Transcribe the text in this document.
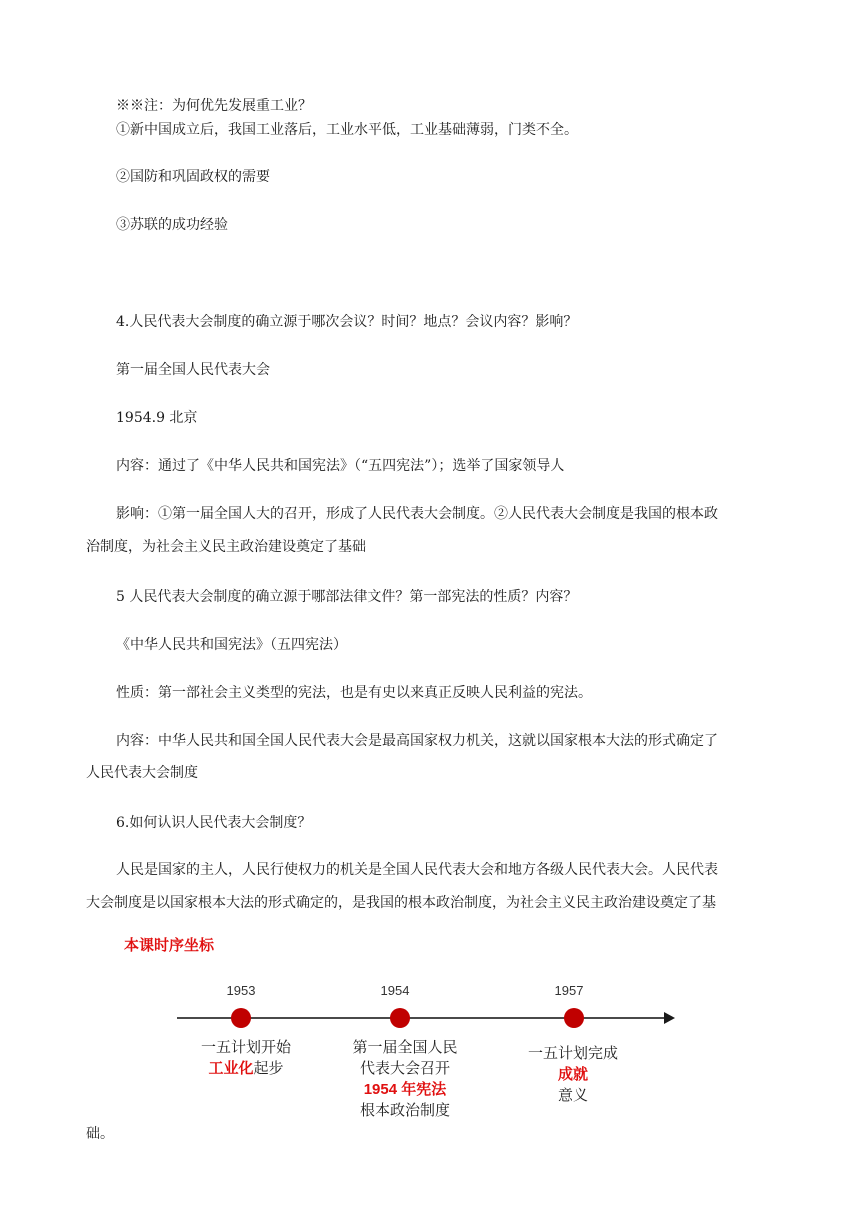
※※注：为何优先发展重工业？
①新中国成立后，我国工业落后，工业水平低，工业基础薄弱，门类不全。
②国防和巩固政权的需要
③苏联的成功经验
4.人民代表大会制度的确立源于哪次会议？时间？地点？会议内容？影响？
第一届全国人民代表大会
1954.9 北京
内容：通过了《中华人民共和国宪法》（“五四宪法”）；选举了国家领导人
影响：①第一届全国人大的召开，形成了人民代表大会制度。②人民代表大会制度是我国的根本政
治制度，为社会主义民主政治建设奠定了基础
5 人民代表大会制度的确立源于哪部法律文件？第一部宪法的性质？内容？
《中华人民共和国宪法》（五四宪法）
性质：第一部社会主义类型的宪法，也是有史以来真正反映人民利益的宪法。
内容：中华人民共和国全国人民代表大会是最高国家权力机关，这就以国家根本大法的形式确定了
人民代表大会制度
6.如何认识人民代表大会制度？
人民是国家的主人，人民行使权力的机关是全国人民代表大会和地方各级人民代表大会。人民代表
大会制度是以国家根本大法的形式确定的，是我国的根本政治制度，为社会主义民主政治建设奠定了基
本课时序坐标
1953	1954	1957
一五计划开始
工业化起步
第一届全国人民
代表大会召开
1954 年宪法
根本政治制度
一五计划完成
成就
意义
础。
